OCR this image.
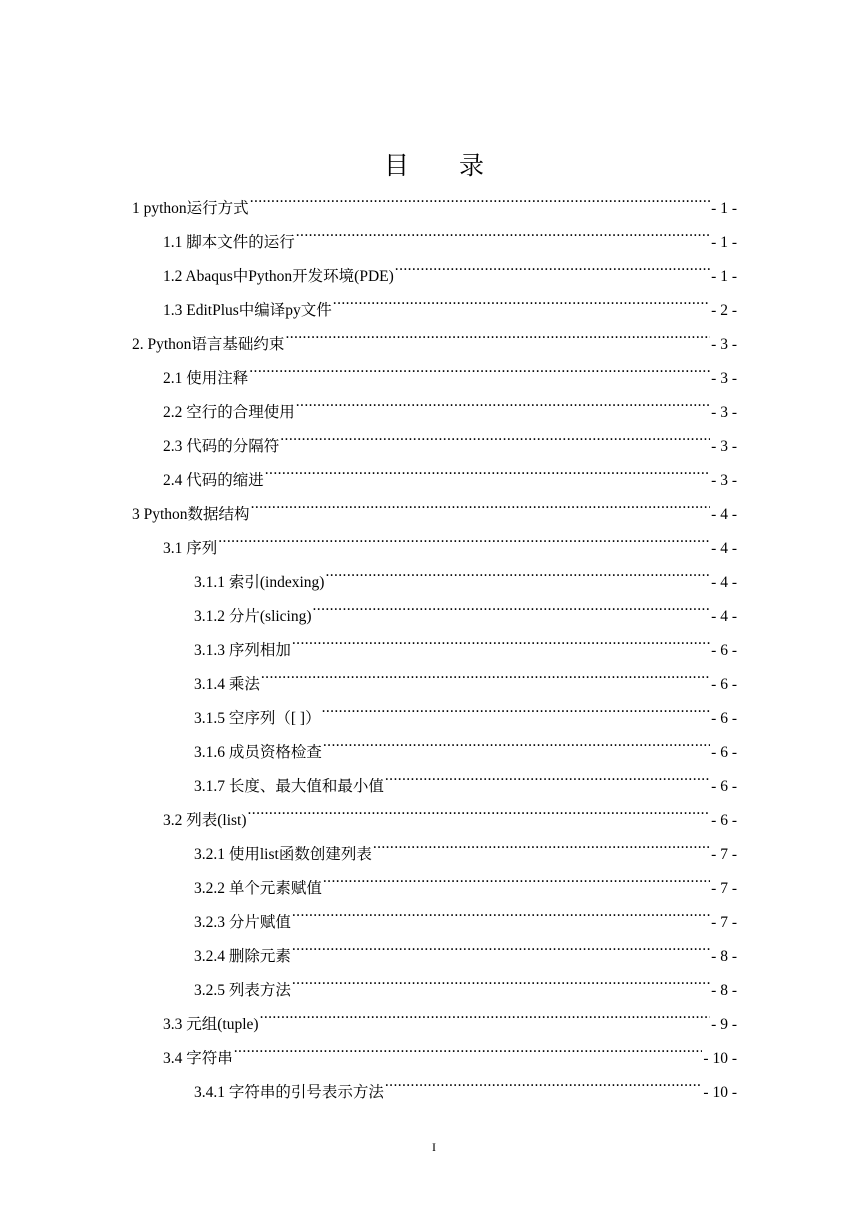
目　　录
1 python运行方式 .....	- 1 -
1.1 脚本文件的运行 .....	- 1 -
1.2 Abaqus中Python开发环境(PDE) .....	- 1 -
1.3 EditPlus中编译py文件 .....	- 2 -
2. Python语言基础约束 .....	- 3 -
2.1 使用注释 .....	- 3 -
2.2 空行的合理使用 .....	- 3 -
2.3 代码的分隔符 .....	- 3 -
2.4 代码的缩进 .....	- 3 -
3 Python数据结构 .....	- 4 -
3.1 序列 .....	- 4 -
3.1.1 索引(indexing) .....	- 4 -
3.1.2 分片(slicing) .....	- 4 -
3.1.3 序列相加 .....	- 6 -
3.1.4 乘法 .....	- 6 -
3.1.5 空序列（[ ]） .....	- 6 -
3.1.6 成员资格检查 .....	- 6 -
3.1.7 长度、最大值和最小值 .....	- 6 -
3.2 列表(list) .....	- 6 -
3.2.1 使用list函数创建列表 .....	- 7 -
3.2.2 单个元素赋值 .....	- 7 -
3.2.3 分片赋值 .....	- 7 -
3.2.4 删除元素 .....	- 8 -
3.2.5 列表方法 .....	- 8 -
3.3 元组(tuple) .....	- 9 -
3.4 字符串 .....	- 10 -
3.4.1 字符串的引号表示方法 .....	- 10 -
I
